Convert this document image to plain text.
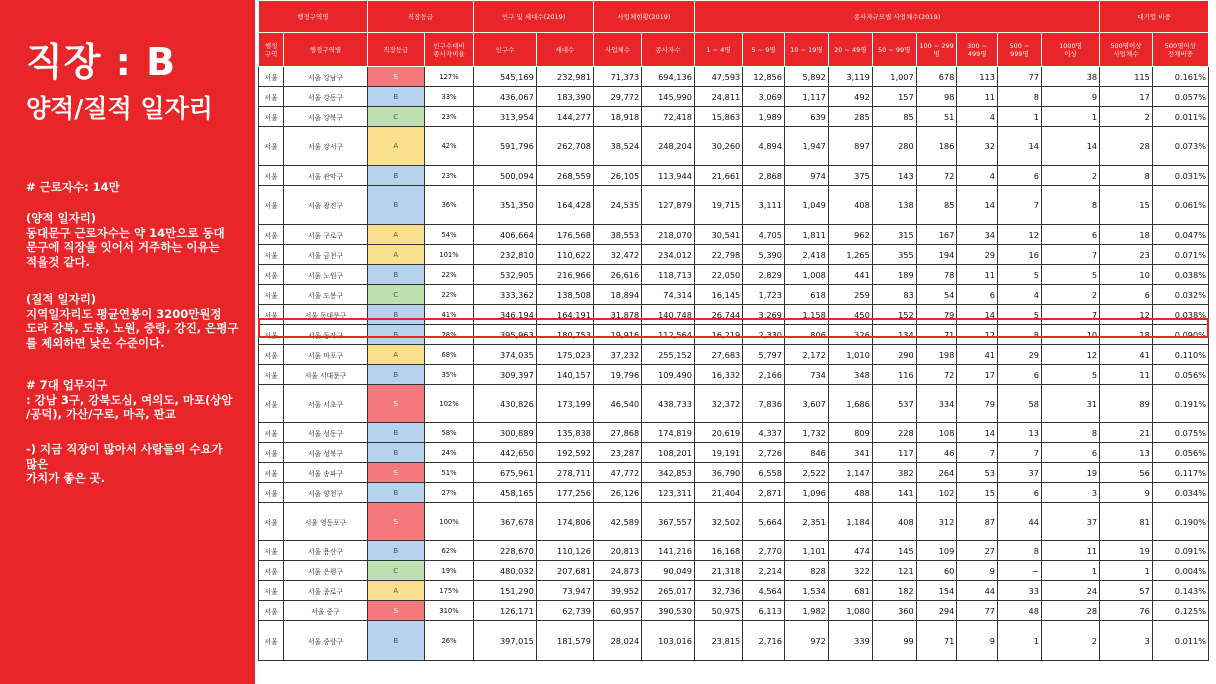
직장 : B
양적/질적 일자리
# 근로자수: 14만
(양적 일자리)
동대문구 근로자수는 약 14만으로 동대
문구에 직장을 잇어서 거주하는 이유는
적을것 같다.
(질적 일자리)
지역일자리도 평균연봉이 3200만원정
도라 강북, 도봉, 노원, 중랑, 강진, 은평구
를 제외하면 낮은 수준이다.
# 7대 업무지구
: 강남 3구, 강북도심, 여의도, 마포(상암
/공덕), 가산/구로, 마곡, 판교
-) 지금 직장이 많아서 사람들의 수요가
많은
가치가 좋은 곳.
행정구역명		직장등급		인구 및 세대수(2019)		사업체현황(2019)		종사자규모별 사업체수(2019)									대기업 비중	
행정
구역	행정구역별	직장등급	인구수대비
종사자비율	인구수	세대수	사업체수	종사자수	1 ~ 4명	5 ~ 9명	10 ~ 19명	20 ~ 49명	50 ~ 99명	100 ~ 299
명	300 ~
499명	500 ~
999명	1000명
이상	500명이상
사업체수	500명이상
전체비중
서울	서울 강남구	S	127%	545,169	232,981	71,373	694,136	47,593	12,856	5,892	3,119	1,007	678	113	77	38	115	0.161%
서울	서울 강동구	B	33%	436,067	183,390	29,772	145,990	24,811	3,069	1,117	492	157	98	11	8	9	17	0.057%
서울	서울 강북구	C	23%	313,954	144,277	18,918	72,418	15,863	1,989	639	285	85	51	4	1	1	2	0.011%
서울	서울 강서구	A	42%	591,796	262,708	38,524	248,204	30,260	4,894	1,947	897	280	186	32	14	14	28	0.073%
서울	서울 관악구	B	23%	500,094	268,559	26,105	113,944	21,661	2,868	974	375	143	72	4	6	2	8	0.031%
서울	서울 광진구	B	36%	351,350	164,428	24,535	127,879	19,715	3,111	1,049	408	138	85	14	7	8	15	0.061%
서울	서울 구로구	A	54%	406,664	176,568	38,553	218,070	30,541	4,705	1,811	962	315	167	34	12	6	18	0.047%
서울	서울 금천구	A	101%	232,810	110,622	32,472	234,012	22,798	5,390	2,418	1,265	355	194	29	16	7	23	0.071%
서울	서울 노원구	B	22%	532,905	216,966	26,616	118,713	22,050	2,829	1,008	441	189	78	11	5	5	10	0.038%
서울	서울 도봉구	C	22%	333,362	138,508	18,894	74,314	16,145	1,723	618	259	83	54	6	4	2	6	0.032%
서울	서울 동대문구	B	41%	346,194	164,191	31,878	140,748	26,744	3,269	1,158	450	152	79	14	5	7	12	0.038%
서울	서울 동작구	B	28%	395,963	180,753	19,916	112,564	16,219	2,330	806	326	134	71	12	8	10	18	0.090%
서울	서울 마포구	A	68%	374,035	175,023	37,232	255,152	27,683	5,797	2,172	1,010	290	198	41	29	12	41	0.110%
서울	서울 서대문구	B	35%	309,397	140,157	19,796	109,490	16,332	2,166	734	348	116	72	17	6	5	11	0.056%
서울	서울 서초구	S	102%	430,826	173,199	46,540	438,733	32,372	7,836	3,607	1,686	537	334	79	58	31	89	0.191%
서울	서울 성동구	B	58%	300,889	135,838	27,868	174,819	20,619	4,337	1,732	809	228	108	14	13	8	21	0.075%
서울	서울 성북구	B	24%	442,650	192,592	23,287	108,201	19,191	2,726	846	341	117	46	7	7	6	13	0.056%
서울	서울 송파구	S	51%	675,961	278,711	47,772	342,853	36,790	6,558	2,522	1,147	382	264	53	37	19	56	0.117%
서울	서울 양천구	B	27%	458,165	177,256	26,126	123,311	21,404	2,871	1,096	488	141	102	15	6	3	9	0.034%
서울	서울 영등포구	S	100%	367,678	174,806	42,589	367,557	32,502	5,664	2,351	1,184	408	312	87	44	37	81	0.190%
서울	서울 용산구	B	62%	228,670	110,126	20,813	141,216	16,168	2,770	1,101	474	145	109	27	8	11	19	0.091%
서울	서울 은평구	C	19%	480,032	207,681	24,873	90,049	21,318	2,214	828	322	121	60	9	−	1	1	0.004%
서울	서울 종로구	A	175%	151,290	73,947	39,952	265,017	32,736	4,564	1,534	681	182	154	44	33	24	57	0.143%
서울	서울 중구	S	310%	126,171	62,739	60,957	390,530	50,975	6,113	1,982	1,080	360	294	77	48	28	76	0.125%
서울	서울 중랑구	B	26%	397,015	181,579	28,024	103,016	23,815	2,716	972	339	99	71	9	1	2	3	0.011%
